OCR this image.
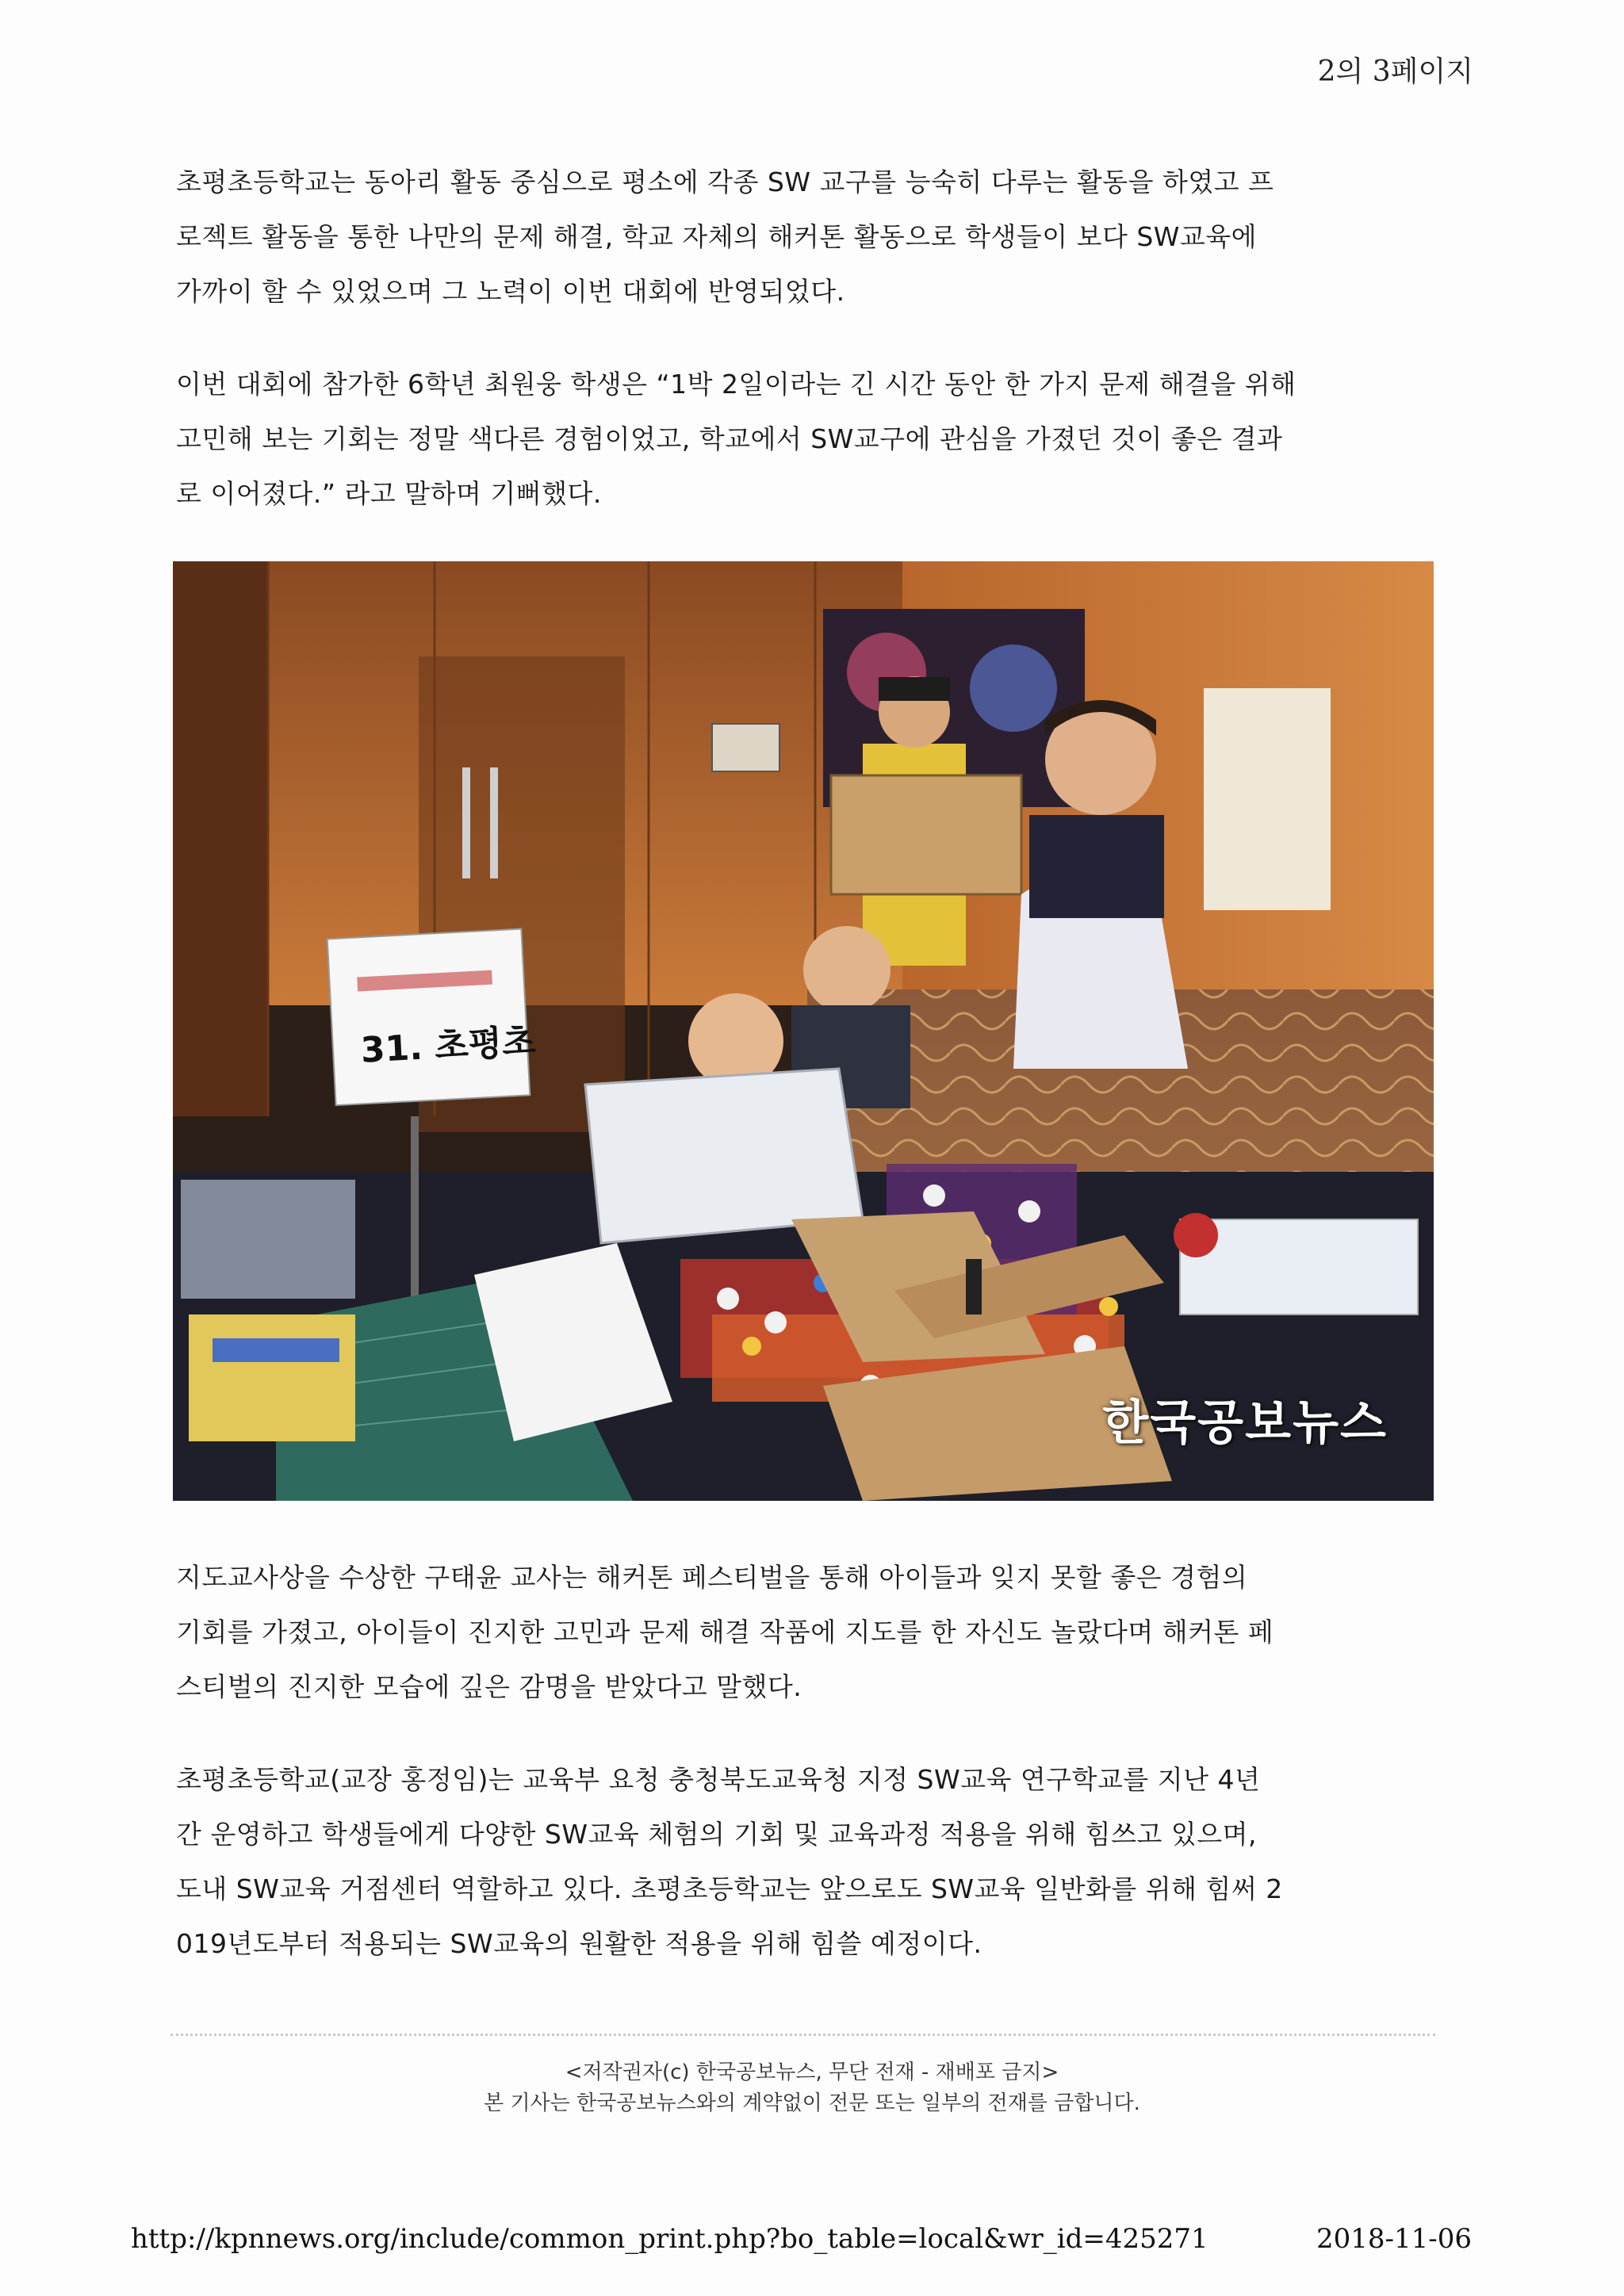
2의 3페이지

초평초등학교는 동아리 활동 중심으로 평소에 각종 SW 교구를 능숙히 다루는 활동을 하였고 프
로젝트 활동을 통한 나만의 문제 해결, 학교 자체의 해커톤 활동으로 학생들이 보다 SW교육에
가까이 할 수 있었으며 그 노력이 이번 대회에 반영되었다.

이번 대회에 참가한 6학년 최원웅 학생은 “1박 2일이라는 긴 시간 동안 한 가지 문제 해결을 위해
고민해 보는 기회는 정말 색다른 경험이었고, 학교에서 SW교구에 관심을 가졌던 것이 좋은 결과
로 이어졌다.” 라고 말하며 기뻐했다.

31. 초평초
한국공보뉴스

지도교사상을 수상한 구태윤 교사는 해커톤 페스티벌을 통해 아이들과 잊지 못할 좋은 경험의
기회를 가졌고, 아이들이 진지한 고민과 문제 해결 작품에 지도를 한 자신도 놀랐다며 해커톤 페
스티벌의 진지한 모습에 깊은 감명을 받았다고 말했다.

초평초등학교(교장 홍정임)는 교육부 요청 충청북도교육청 지정 SW교육 연구학교를 지난 4년
간 운영하고 학생들에게 다양한 SW교육 체험의 기회 및 교육과정 적용을 위해 힘쓰고 있으며,
도내 SW교육 거점센터 역할하고 있다. 초평초등학교는 앞으로도 SW교육 일반화를 위해 힘써 2
019년도부터 적용되는 SW교육의 원활한 적용을 위해 힘쓸 예정이다.

<저작권자(c) 한국공보뉴스, 무단 전재 - 재배포 금지>
본 기사는 한국공보뉴스와의 계약없이 전문 또는 일부의 전재를 금합니다.
http://kpnnews.org/include/common_print.php?bo_table=local&wr_id=425271	2018-11-06
